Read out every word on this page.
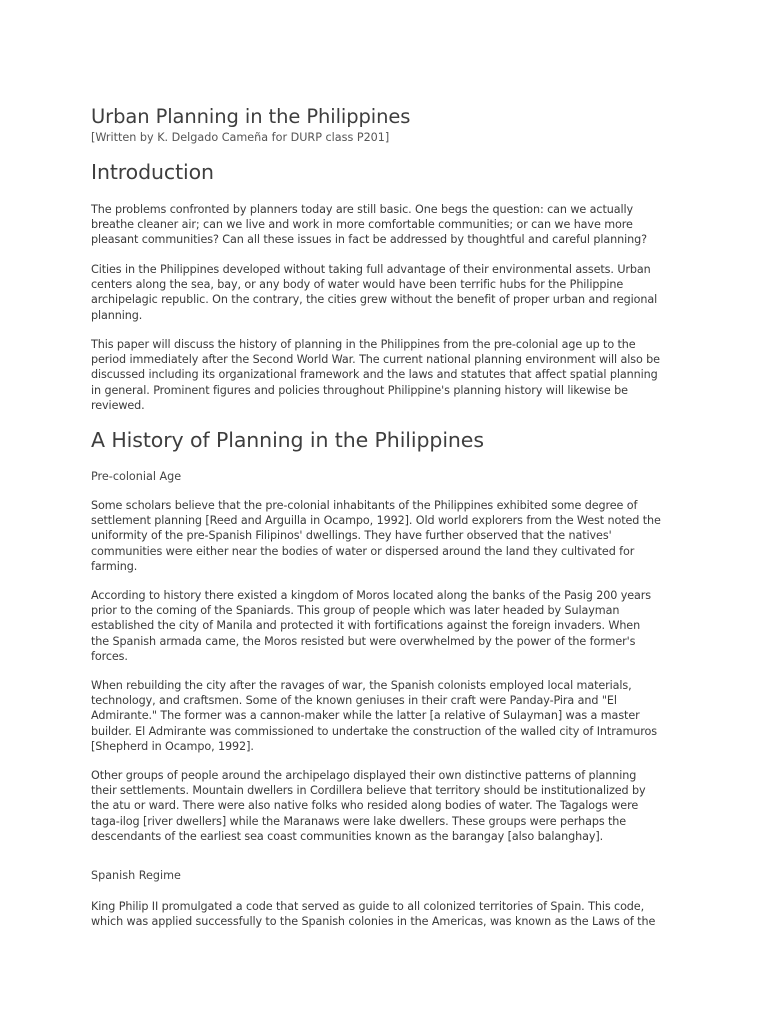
Urban Planning in the Philippines
[Written by K. Delgado Cameña for DURP class P201]
Introduction

The problems confronted by planners today are still basic. One begs the question: can we actually
breathe cleaner air; can we live and work in more comfortable communities; or can we have more
pleasant communities? Can all these issues in fact be addressed by thoughtful and careful planning?

Cities in the Philippines developed without taking full advantage of their environmental assets. Urban
centers along the sea, bay, or any body of water would have been terrific hubs for the Philippine
archipelagic republic. On the contrary, the cities grew without the benefit of proper urban and regional
planning.

This paper will discuss the history of planning in the Philippines from the pre-colonial age up to the
period immediately after the Second World War. The current national planning environment will also be
discussed including its organizational framework and the laws and statutes that affect spatial planning
in general. Prominent figures and policies throughout Philippine's planning history will likewise be
reviewed.

A History of Planning in the Philippines
Pre-colonial Age

Some scholars believe that the pre-colonial inhabitants of the Philippines exhibited some degree of
settlement planning [Reed and Arguilla in Ocampo, 1992]. Old world explorers from the West noted the
uniformity of the pre-Spanish Filipinos' dwellings. They have further observed that the natives'
communities were either near the bodies of water or dispersed around the land they cultivated for
farming.

According to history there existed a kingdom of Moros located along the banks of the Pasig 200 years
prior to the coming of the Spaniards. This group of people which was later headed by Sulayman
established the city of Manila and protected it with fortifications against the foreign invaders. When
the Spanish armada came, the Moros resisted but were overwhelmed by the power of the former's
forces.

When rebuilding the city after the ravages of war, the Spanish colonists employed local materials,
technology, and craftsmen. Some of the known geniuses in their craft were Panday-Pira and "El
Admirante." The former was a cannon-maker while the latter [a relative of Sulayman] was a master
builder. El Admirante was commissioned to undertake the construction of the walled city of Intramuros
[Shepherd in Ocampo, 1992].

Other groups of people around the archipelago displayed their own distinctive patterns of planning
their settlements. Mountain dwellers in Cordillera believe that territory should be institutionalized by
the atu or ward. There were also native folks who resided along bodies of water. The Tagalogs were
taga-ilog [river dwellers] while the Maranaws were lake dwellers. These groups were perhaps the
descendants of the earliest sea coast communities known as the barangay [also balanghay].

Spanish Regime

King Philip II promulgated a code that served as guide to all colonized territories of Spain. This code,
which was applied successfully to the Spanish colonies in the Americas, was known as the Laws of the
